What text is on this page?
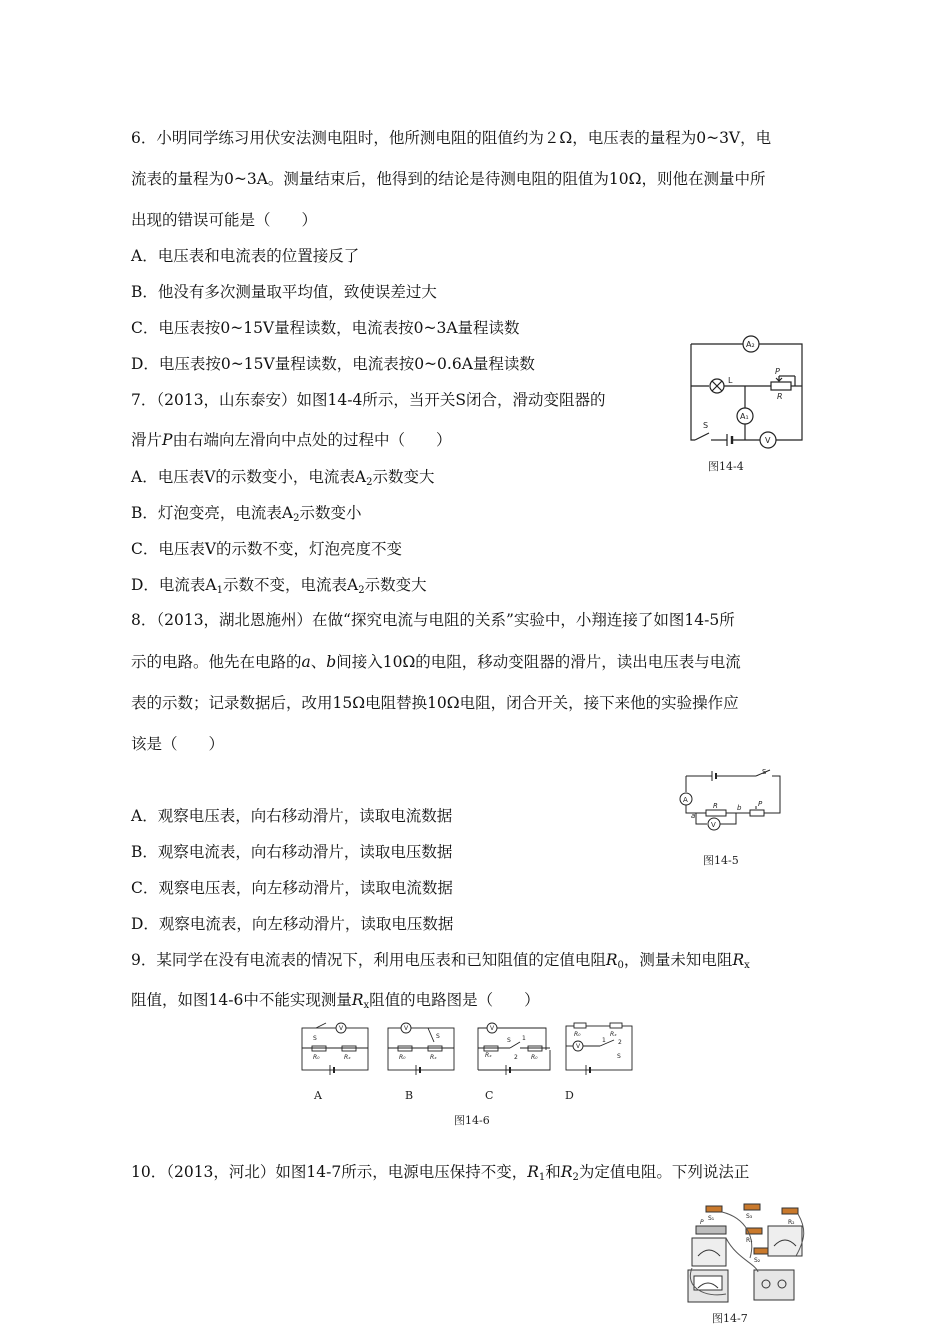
6．小明同学练习用伏安法测电阻时，他所测电阻的阻值约为２Ω，电压表的量程为0~3V，电
流表的量程为0~3A。测量结束后，他得到的结论是待测电阻的阻值为10Ω，则他在测量中所
出现的错误可能是（　　）
A．电压表和电流表的位置接反了
B．他没有多次测量取平均值，致使误差过大
C．电压表按0~15V量程读数，电流表按0~3A量程读数
D．电压表按0~15V量程读数，电流表按0~0.6A量程读数
7．（2013，山东泰安）如图14-4所示，当开关S闭合，滑动变阻器的
滑片P由右端向左滑向中点处的过程中（　　）
A．电压表V的示数变小，电流表$A_2$示数变大
B．灯泡变亮，电流表$A_2$示数变小
C．电压表V的示数不变，灯泡亮度不变
D．电流表$A_1$示数不变，电流表$A_2$示数变大
A₂
L
P
R
A₁
V
S
图14-4
8．（2013，湖北恩施州）在做“探究电流与电阻的关系”实验中，小翔连接了如图14-5所
示的电路。他先在电路的a、b间接入10Ω的电阻，移动变阻器的滑片，读出电压表与电流
表的示数；记录数据后，改用15Ω电阻替换10Ω电阻，闭合开关，接下来他的实验操作应
该是（　　）
A．观察电压表，向右移动滑片，读取电流数据
B．观察电流表，向右移动滑片，读取电压数据
C．观察电压表，向左移动滑片，读取电流数据
D．观察电流表，向左移动滑片，读取电压数据
A
V
S
R	P
a
b
图14-5
9．某同学在没有电流表的情况下，利用电压表和已知阻值的定值电阻$R_0$，测量未知电阻$R_x$
阻值，如图14-6中不能实现测量$R_x$阻值的电路图是（　　）
V
S
R₀	Rₓ
V
S
R₀	Rₓ
V
S 1
2
Rₓ	R₀
V
R₀	Rₓ
1 2
S
A	B	C	D
图14-6
10．（2013，河北）如图14-7所示，电源电压保持不变，$R_1$和$R_2$为定值电阻。下列说法正
S₁	S₃
R₂
R₁
S₂
P
图14-7
